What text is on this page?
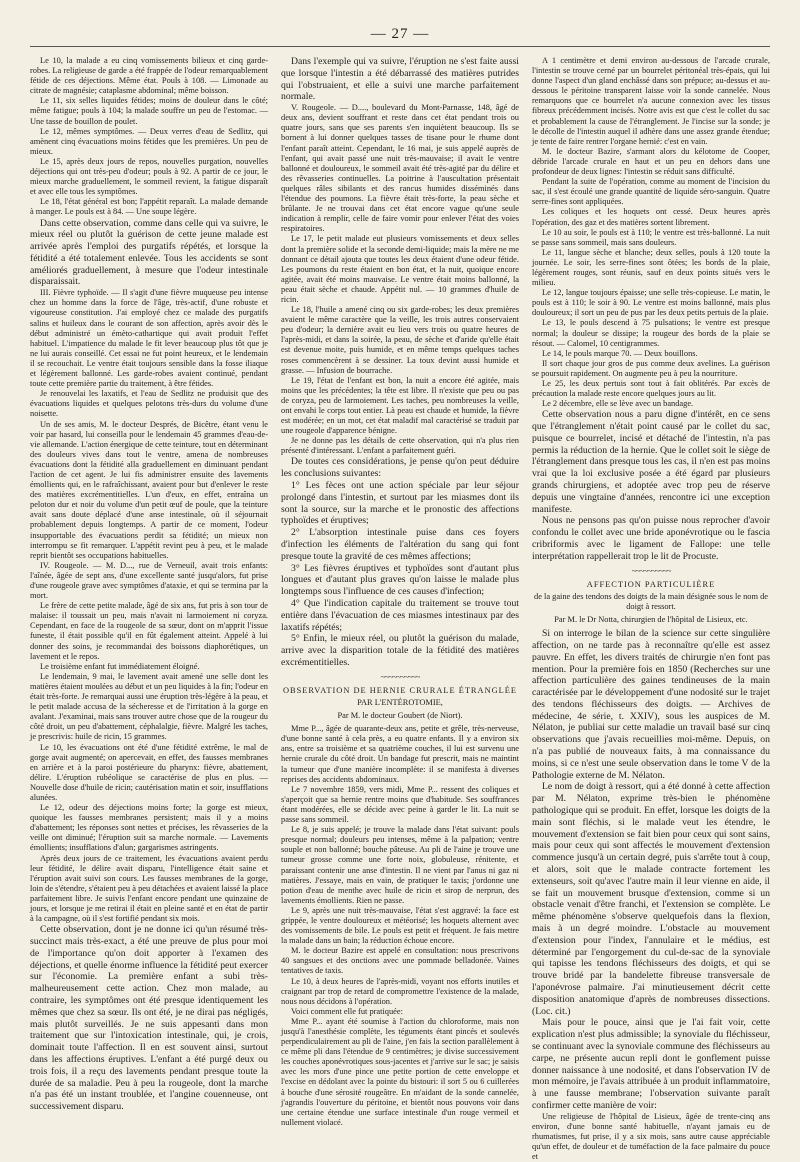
— 27 —

Le 10, la malade a eu cinq vomissements bilieux et cinq garde-robes. La religieuse de garde a été frappée de l'odeur remarquablement fétide de ces déjections. Même état. Pouls à 108. — Limonade au citrate de magnésie; cataplasme abdominal; même boisson.

Le 11, six selles liquides fétides; moins de douleur dans le côté; même fatigue; pouls à 104; la malade souffre un peu de l'estomac. — Une tasse de bouillon de poulet.

Le 12, mêmes symptômes. — Deux verres d'eau de Sedlitz, qui amènent cinq évacuations moins fétides que les premières. Un peu de mieux.

Le 15, après deux jours de repos, nouvelles purgation, nouvelles déjections qui ont très-peu d'odeur; pouls à 92. A partir de ce jour, le mieux marche graduellement, le sommeil revient, la fatigue disparaît et avec elle tous les symptômes.

Le 18, l'état général est bon; l'appétit reparaît. La malade demande à manger. Le pouls est à 84. — Une soupe légère.

Dans cette observation, comme dans celle qui va suivre, le mieux réel ou plutôt la guérison de cette jeune malade est arrivée après l'emploi des purgatifs répétés, et lorsque la fétidité a été totalement enlevée. Tous les accidents se sont améliorés graduellement, à mesure que l'odeur intestinale disparaissait.

III. Fièvre typhoïde. — Il s'agit d'une fièvre muqueuse peu intense chez un homme dans la force de l'âge, très-actif, d'une robuste et vigoureuse constitution. J'ai employé chez ce malade des purgatifs salins et huileux dans le courant de son affection, après avoir dès le début administré un émèto-cathartique qui avait produit l'effet habituel. L'impatience du malade le fit lever beaucoup plus tôt que je ne lui aurais conseillé. Cet essai ne fut point heureux, et le lendemain il se recouchait. Le ventre était toujours sensible dans la fosse iliaque et légèrement ballonné. Les garde-robes avaient continué, pendant toute cette première partie du traitement, à être fétides.

Je renouvelai les laxatifs, et l'eau de Sedlitz ne produisit que des évacuations liquides et quelques pelotons très-durs du volume d'une noisette.

Un de ses amis, M. le docteur Després, de Bicêtre, étant venu le voir par hasard, lui conseilla pour le lendemain 45 grammes d'eau-de-vie allemande. L'action énergique de cette teinture, tout en déterminant des douleurs vives dans tout le ventre, amena de nombreuses évacuations dont la fétidité alla graduellement en diminuant pendant l'action de cet agent. Je lui fis administrer ensuite des lavements émollients qui, en le rafraîchissant, avaient pour but d'enlever le reste des matières excrémentitielles. L'un d'eux, en effet, entraîna un peloton dur et noir du volume d'un petit œuf de poule, que la teinture avait sans doute déplacé d'une anse intestinale, où il séjournait probablement depuis longtemps. A partir de ce moment, l'odeur insupportable des évacuations perdit sa fétidité; un mieux non interrompu se fit remarquer. L'appétit revint peu à peu, et le malade reprit bientôt ses occupations habituelles.

IV. Rougeole. — M. D..., rue de Verneuil, avait trois enfants: l'aînée, âgée de sept ans, d'une excellente santé jusqu'alors, fut prise d'une rougeole grave avec symptômes d'ataxie, et qui se termina par la mort.

Le frère de cette petite malade, âgé de six ans, fut pris à son tour de malaise: il toussait un peu, mais n'avait ni larmoiement ni coryza. Cependant, en face de la rougeole de sa sœur, dont on m'apprit l'issue funeste, il était possible qu'il en fût également atteint. Appelé à lui donner des soins, je recommandai des boissons diaphorétiques, un lavement et le repos.

Le troisième enfant fut immédiatement éloigné.

Le lendemain, 9 mai, le lavement avait amené une selle dont les matières étaient moulées au début et un peu liquides à la fin; l'odeur en était très-forte. Je remarquai aussi une éruption très-légère à la peau, et le petit malade accusa de la sécheresse et de l'irritation à la gorge en avalant. J'examinai, mais sans trouver autre chose que de la rougeur du côté droit, un peu d'abattement, céphalalgie, fièvre. Malgré les taches, je prescrivis: huile de ricin, 15 grammes.

Le 10, les évacuations ont été d'une fétidité extrême, le mal de gorge avait augmenté; on apercevait, en effet, des fausses membranes en arrière et à la paroi postérieure du pharynx: fièvre, abattement, délire. L'éruption rubéolique se caractérise de plus en plus. — Nouvelle dose d'huile de ricin; cautérisation matin et soir, insufflations alunées.

Le 12, odeur des déjections moins forte; la gorge est mieux, quoique les fausses membranes persistent; mais il y a moins d'abattement; les réponses sont nettes et précises, les rêvasseries de la veille ont diminué; l'éruption suit sa marche normale. — Lavements émollients; insufflations d'alun; gargarismes astringents.

Après deux jours de ce traitement, les évacuations avaient perdu leur fétidité, le délire avait disparu, l'intelligence était saine et l'éruption avait suivi son cours. Les fausses membranes de la gorge, loin de s'étendre, s'étaient peu à peu détachées et avaient laissé la place parfaitement libre. Je suivis l'enfant encore pendant une quinzaine de jours, et lorsque je me retirai il était en pleine santé et en état de partir à la campagne, où il s'est fortifié pendant six mois.

Cette observation, dont je ne donne ici qu'un résumé très-succinct mais très-exact, a été une preuve de plus pour moi de l'importance qu'on doit apporter à l'examen des déjections, et quelle énorme influence la fétidité peut exercer sur l'économie. La première enfant a subi très-malheureusement cette action. Chez mon malade, au contraire, les symptômes ont été presque identiquement les mêmes que chez sa sœur. Ils ont été, je ne dirai pas négligés, mais plutôt surveillés. Je ne suis appesanti dans mon traitement que sur l'intoxication intestinale, qui, je crois, dominait toute l'affection. Il en est souvent ainsi, surtout dans les affections éruptives. L'enfant a été purgé deux ou trois fois, il a reçu des lavements pendant presque toute la durée de sa maladie. Peu à peu la rougeole, dont la marche n'a pas été un instant troublée, et l'angine couenneuse, ont successivement disparu.

Dans l'exemple qui va suivre, l'éruption ne s'est faite aussi que lorsque l'intestin a été débarrassé des matières putrides qui l'obstruaient, et elle a suivi une marche parfaitement normale.

V. Rougeole. — D...., boulevard du Mont-Parnasse, 148, âgé de deux ans, devient souffrant et reste dans cet état pendant trois ou quatre jours, sans que ses parents s'en inquiètent beaucoup. Ils se bornent à lui donner quelques tasses de tisane pour le rhume dont l'enfant paraît atteint. Cependant, le 16 mai, je suis appelé auprès de l'enfant, qui avait passé une nuit très-mauvaise; il avait le ventre ballonné et douloureux, le sommeil avait été très-agité par du délire et des rêvasseries continuelles. La poitrine à l'auscultation présentait quelques râles sibilants et des rancus humides disséminés dans l'étendue des poumons. La fièvre était très-forte, la peau sèche et brûlante. Je ne trouvai dans cet état encore vague qu'une seule indication à remplir, celle de faire vomir pour enlever l'état des voies respiratoires.

Le 17, le petit malade eut plusieurs vomissements et deux selles dont la première solide et la seconde demi-liquide; mais la mère ne me donnant ce détail ajouta que toutes les deux étaient d'une odeur fétide. Les poumons du reste étaient en bon état, et la nuit, quoique encore agitée, avait été moins mauvaise. Le ventre était moins ballonné, la peau était sèche et chaude. Appétit nul. — 10 grammes d'huile de ricin.

Le 18, l'huile a amené cinq ou six garde-robes; les deux premières avaient le même caractère que la veille, les trois autres conservaient peu d'odeur; la dernière avait eu lieu vers trois ou quatre heures de l'après-midi, et dans la soirée, la peau, de sèche et d'aride qu'elle était est devenue moite, puis humide, et en même temps quelques taches roses commencèrent à se dessiner. La toux devint aussi humide et grasse. — Infusion de bourrache.

Le 19, l'état de l'enfant est bon, la nuit a encore été agitée, mais moins que les précédentes; la tête est libre. Il n'existe que peu ou pas de coryza, peu de larmoiement. Les taches, peu nombreuses la veille, ont envahi le corps tout entier. Là peau est chaude et humide, la fièvre est modérée; en un mot, cet état maladif mal caractérisé se traduit par une rougeole d'apparence bénigne.

Je ne donne pas les détails de cette observation, qui n'a plus rien présenté d'intéressant. L'enfant a parfaitement guéri.

De toutes ces considérations, je pense qu'on peut déduire les conclusions suivantes:

1° Les fèces ont une action spéciale par leur séjour prolongé dans l'intestin, et surtout par les miasmes dont ils sont la source, sur la marche et le pronostic des affections typhoïdes et éruptives;

2° L'absorption intestinale puise dans ces foyers d'infection les éléments de l'altération du sang qui font presque toute la gravité de ces mêmes affections;

3° Les fièvres éruptives et typhoïdes sont d'autant plus longues et d'autant plus graves qu'on laisse le malade plus longtemps sous l'influence de ces causes d'infection;

4° Que l'indication capitale du traitement se trouve tout entière dans l'évacuation de ces miasmes intestinaux par des laxatifs répétés;

5° Enfin, le mieux réel, ou plutôt la guérison du malade, arrive avec la disparition totale de la fétidité des matières excrémentitielles.

~~~~~~~~~~
OBSERVATION DE HERNIE CRURALE ÉTRANGLÉE

PAR L'ENTÉROTOMIE,

Par M. le docteur Goubert (de Niort).

Mme P..., âgée de quarante-deux ans, petite et grêle, très-nerveuse, d'une bonne santé à cela près, a eu quatre enfants. Il y a environ six ans, entre sa troisième et sa quatrième couches, il lui est survenu une hernie crurale du côté droit. Un bandage fut prescrit, mais ne maintint la tumeur que d'une manière incomplète: il se manifesta à diverses reprises des accidents abdominaux.

Le 7 novembre 1859, vers midi, Mme P... ressent des coliques et s'aperçoit que sa hernie rentre moins que d'habitude. Ses souffrances étant modérées, elle se décide avec peine à garder le lit. La nuit se passe sans sommeil.

Le 8, je suis appelé; je trouve la malade dans l'état suivant: pouls presque normal; douleurs peu intenses, même à la palpation; ventre souple et non ballonné; bouche pâteuse. Au pli de l'aine je trouve une tumeur grosse comme une forte noix, globuleuse, rénitente, et paraissant contenir une anse d'intestin. Il ne vient par l'anus ni gaz ni matières. J'essaye, mais en vain, de pratiquer le taxis; j'ordonne une potion d'eau de menthe avec huile de ricin et sirop de nerprun, des lavements émollients. Rien ne passe.

Le 9, après une nuit très-mauvaise, l'état s'est aggravé: la face est grippée, le ventre douloureux et météorisé; les hoquets alternent avec des vomissements de bile. Le pouls est petit et fréquent. Je fais mettre la malade dans un bain; la réduction échoue encore.

M. le docteur Bazire est appelé en consultation: nous prescrivons 40 sangsues et des onctions avec une pommade belladonée. Vaines tentatives de taxis.

Le 10, à deux heures de l'après-midi, voyant nos efforts inutiles et craignant par trop de retard de compromettre l'existence de la malade, nous nous décidons à l'opération.

Voici comment elle fut pratiquée:

Mme P... ayant été soumise à l'action du chloroforme, mais non jusqu'à l'anesthésie complète, les téguments étant pincés et soulevés perpendiculairement au pli de l'aine, j'en fais la section parallèlement à ce même pli dans l'étendue de 9 centimètres; je divise successivement les couches aponévrotiques sous-jacentes et j'arrive sur le sac; je saisis avec les mors d'une pince une petite portion de cette enveloppe et l'excise en dédolant avec la pointe du bistouri: il sort 5 ou 6 cuillerées à bouche d'une sérosité rougeâtre. En m'aidant de la sonde cannelée, j'agrandis l'ouverture du péritoine, et bientôt nous pouvons voir dans une certaine étendue une surface intestinale d'un rouge vermeil et nullement violacé.

A 1 centimètre et demi environ au-dessous de l'arcade crurale, l'intestin se trouve cerné par un bourrelet péritonéal très-épais, qui lui donne l'aspect d'un gland enchâssé dans son prépuce; au-dessus et au-dessous le péritoine transparent laisse voir la sonde cannelée. Nous remarquons que ce bourrelet n'a aucune connexion avec les tissus fibreux précédemment incisés. Notre avis est que c'est le collet du sac et probablement la cause de l'étranglement. Je l'incise sur la sonde; je le décolle de l'intestin auquel il adhère dans une assez grande étendue; je tente de faire rentrer l'organe hernié: c'est en vain.

M. le docteur Bazire, s'armant alors du kélotome de Cooper, débride l'arcade crurale en haut et un peu en dehors dans une profondeur de deux lignes: l'intestin se réduit sans difficulté.

Pendant la suite de l'opération, comme au moment de l'incision du sac, il s'est écoulé une grande quantité de liquide séro-sanguin. Quatre serre-fines sont appliquées.

Les coliques et les hoquets ont cessé. Deux heures après l'opération, des gaz et des matières sortent librement.

Le 10 au soir, le pouls est à 110; le ventre est très-ballonné. La nuit se passe sans sommeil, mais sans douleurs.

Le 11, langue sèche et blanche; deux selles, pouls à 120 toute la journée. Le soir, les serre-fines sont ôtées; les bords de la plaie, légèrement rouges, sont réunis, sauf en deux points situés vers le milieu.

Le 12, langue toujours épaisse; une selle très-copieuse. Le matin, le pouls est à 110; le soir à 90. Le ventre est moins ballonné, mais plus douloureux; il sort un peu de pus par les deux petits pertuis de la plaie.

Le 13, le pouls descend à 75 pulsations; le ventre est presque normal; la douleur se dissipe; la rougeur des bords de la plaie se résout. — Calomel, 10 centigrammes.

Le 14, le pouls marque 70. — Deux bouillons.

Il sort chaque jour gros de pus comme deux avelines. La guérison se poursuit rapidement. On augmente peu à peu la nourriture.

Le 25, les deux pertuis sont tout à fait oblitérés. Par excès de précaution la malade reste encore quelques jours au lit.

Le 2 décembre, elle se lève avec un bandage.

Cette observation nous a paru digne d'intérêt, en ce sens que l'étranglement n'était point causé par le collet du sac, puisque ce bourrelet, incisé et détaché de l'intestin, n'a pas permis la réduction de la hernie. Que le collet soit le siège de l'étranglement dans presque tous les cas, il n'en est pas moins vrai que la loi exclusive posée a été égard par plusieurs grands chirurgiens, et adoptée avec trop peu de réserve depuis une vingtaine d'années, rencontre ici une exception manifeste.

Nous ne pensons pas qu'on puisse nous reprocher d'avoir confondu le collet avec une bride aponévrotique ou le fascia cribriformis avec le ligament de Fallope: une telle interprétation rappellerait trop le lit de Procuste.

~~~~~~~~~~
AFFECTION PARTICULIÈRE

de la gaine des tendons des doigts de la main désignée sous le nom de doigt à ressort.

Par M. le Dr Notta, chirurgien de l'hôpital de Lisieux, etc.

Si on interroge le bilan de la science sur cette singulière affection, on ne tarde pas à reconnaître qu'elle est assez pauvre. En effet, les divers traités de chirurgie n'en font pas mention. Pour la première fois en 1850 (Recherches sur une affection particulière des gaines tendineuses de la main caractérisée par le développement d'une nodosité sur le trajet des tendons fléchisseurs des doigts. — Archives de médecine, 4e série, t. XXIV), sous les auspices de M. Nélaton, je publiai sur cette maladie un travail basé sur cinq observations que j'avais recueillies moi-même. Depuis, on n'a pas publié de nouveaux faits, à ma connaissance du moins, si ce n'est une seule observation dans le tome V de la Pathologie externe de M. Nélaton.

Le nom de doigt à ressort, qui a été donné à cette affection par M. Nélaton, exprime très-bien le phénomène pathologique qui se produit. En effet, lorsque les doigts de la main sont fléchis, si le malade veut les étendre, le mouvement d'extension se fait bien pour ceux qui sont sains, mais pour ceux qui sont affectés le mouvement d'extension commence jusqu'à un certain degré, puis s'arrête tout à coup, et alors, soit que le malade contracte fortement les extenseurs, soit qu'avec l'autre main il leur vienne en aide, il se fait un mouvement brusque d'extension, comme si un obstacle venait d'être franchi, et l'extension se complète. Le même phénomène s'observe quelquefois dans la flexion, mais à un degré moindre. L'obstacle au mouvement d'extension pour l'index, l'annulaire et le médius, est déterminé par l'engorgement du cul-de-sac de la synoviale qui tapisse les tendons fléchisseurs des doigts, et qui se trouve bridé par la bandelette fibreuse transversale de l'aponévrose palmaire. J'ai minutieusement décrit cette disposition anatomique d'après de nombreuses dissections. (Loc. cit.)

Mais pour le pouce, ainsi que je l'ai fait voir, cette explication n'est plus admissible; la synoviale du fléchisseur, se continuant avec la synoviale commune des fléchisseurs au carpe, ne présente aucun repli dont le gonflement puisse donner naissance à une nodosité, et dans l'observation IV de mon mémoire, je l'avais attribuée à un produit inflammatoire, à une fausse membrane; l'observation suivante paraît confirmer cette manière de voir:

Une religieuse de l'hôpital de Lisieux, âgée de trente-cinq ans environ, d'une bonne santé habituelle, n'ayant jamais eu de rhumatismes, fut prise, il y a six mois, sans autre cause appréciable qu'un effet, de douleur et de tuméfaction de la face palmaire du pouce et
